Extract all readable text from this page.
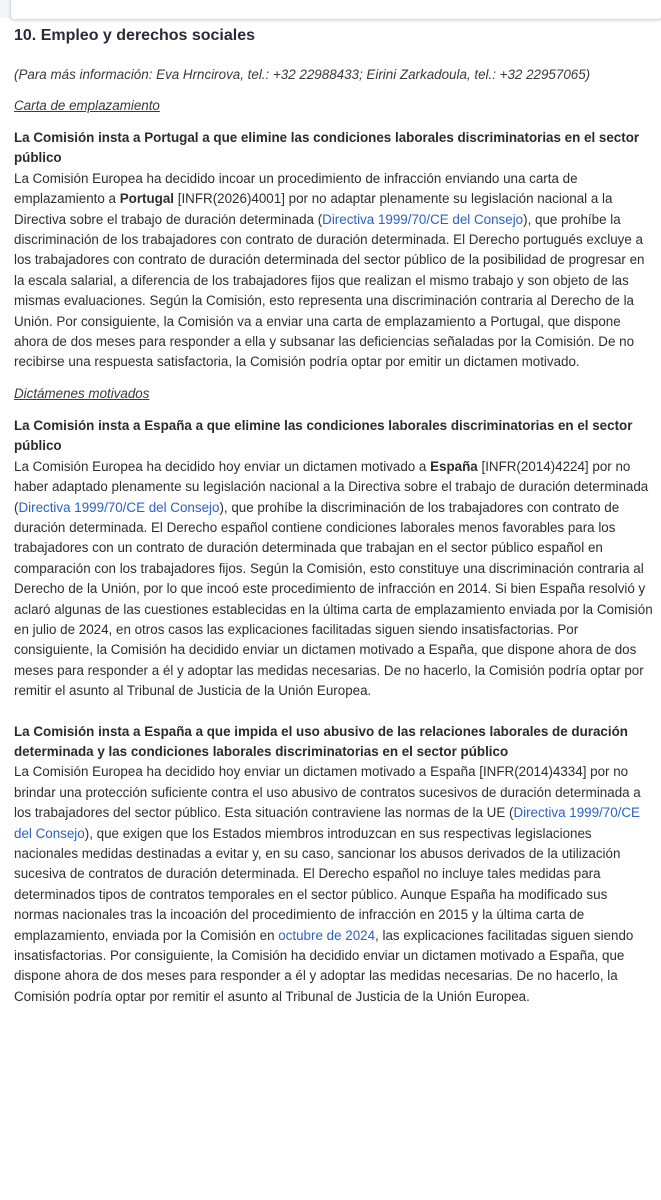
10. Empleo y derechos sociales

(Para más información: Eva Hrncirova, tel.: +32 22988433; Eirini Zarkadoula, tel.: +32 22957065)

Carta de emplazamiento

La Comisión insta a Portugal a que elimine las condiciones laborales discriminatorias en el sector público
La Comisión Europea ha decidido incoar un procedimiento de infracción enviando una carta de emplazamiento a Portugal [INFR(2026)4001] por no adaptar plenamente su legislación nacional a la Directiva sobre el trabajo de duración determinada (Directiva 1999/70/CE del Consejo), que prohíbe la discriminación de los trabajadores con contrato de duración determinada. El Derecho portugués excluye a los trabajadores con contrato de duración determinada del sector público de la posibilidad de progresar en la escala salarial, a diferencia de los trabajadores fijos que realizan el mismo trabajo y son objeto de las mismas evaluaciones. Según la Comisión, esto representa una discriminación contraria al Derecho de la Unión. Por consiguiente, la Comisión va a enviar una carta de emplazamiento a Portugal, que dispone ahora de dos meses para responder a ella y subsanar las deficiencias señaladas por la Comisión. De no recibirse una respuesta satisfactoria, la Comisión podría optar por emitir un dictamen motivado.

Dictámenes motivados

La Comisión insta a España a que elimine las condiciones laborales discriminatorias en el sector público
La Comisión Europea ha decidido hoy enviar un dictamen motivado a España [INFR(2014)4224] por no haber adaptado plenamente su legislación nacional a la Directiva sobre el trabajo de duración determinada (Directiva 1999/70/CE del Consejo), que prohíbe la discriminación de los trabajadores con contrato de duración determinada. El Derecho español contiene condiciones laborales menos favorables para los trabajadores con un contrato de duración determinada que trabajan en el sector público español en comparación con los trabajadores fijos. Según la Comisión, esto constituye una discriminación contraria al Derecho de la Unión, por lo que incoó este procedimiento de infracción en 2014. Si bien España resolvió y aclaró algunas de las cuestiones establecidas en la última carta de emplazamiento enviada por la Comisión en julio de 2024, en otros casos las explicaciones facilitadas siguen siendo insatisfactorias. Por consiguiente, la Comisión ha decidido enviar un dictamen motivado a España, que dispone ahora de dos meses para responder a él y adoptar las medidas necesarias. De no hacerlo, la Comisión podría optar por remitir el asunto al Tribunal de Justicia de la Unión Europea.
La Comisión insta a España a que impida el uso abusivo de las relaciones laborales de duración determinada y las condiciones laborales discriminatorias en el sector público
La Comisión Europea ha decidido hoy enviar un dictamen motivado a España [INFR(2014)4334] por no brindar una protección suficiente contra el uso abusivo de contratos sucesivos de duración determinada a los trabajadores del sector público. Esta situación contraviene las normas de la UE (Directiva 1999/70/CE del Consejo), que exigen que los Estados miembros introduzcan en sus respectivas legislaciones nacionales medidas destinadas a evitar y, en su caso, sancionar los abusos derivados de la utilización sucesiva de contratos de duración determinada. El Derecho español no incluye tales medidas para determinados tipos de contratos temporales en el sector público. Aunque España ha modificado sus normas nacionales tras la incoación del procedimiento de infracción en 2015 y la última carta de emplazamiento, enviada por la Comisión en octubre de 2024, las explicaciones facilitadas siguen siendo insatisfactorias. Por consiguiente, la Comisión ha decidido enviar un dictamen motivado a España, que dispone ahora de dos meses para responder a él y adoptar las medidas necesarias. De no hacerlo, la Comisión podría optar por remitir el asunto al Tribunal de Justicia de la Unión Europea.
